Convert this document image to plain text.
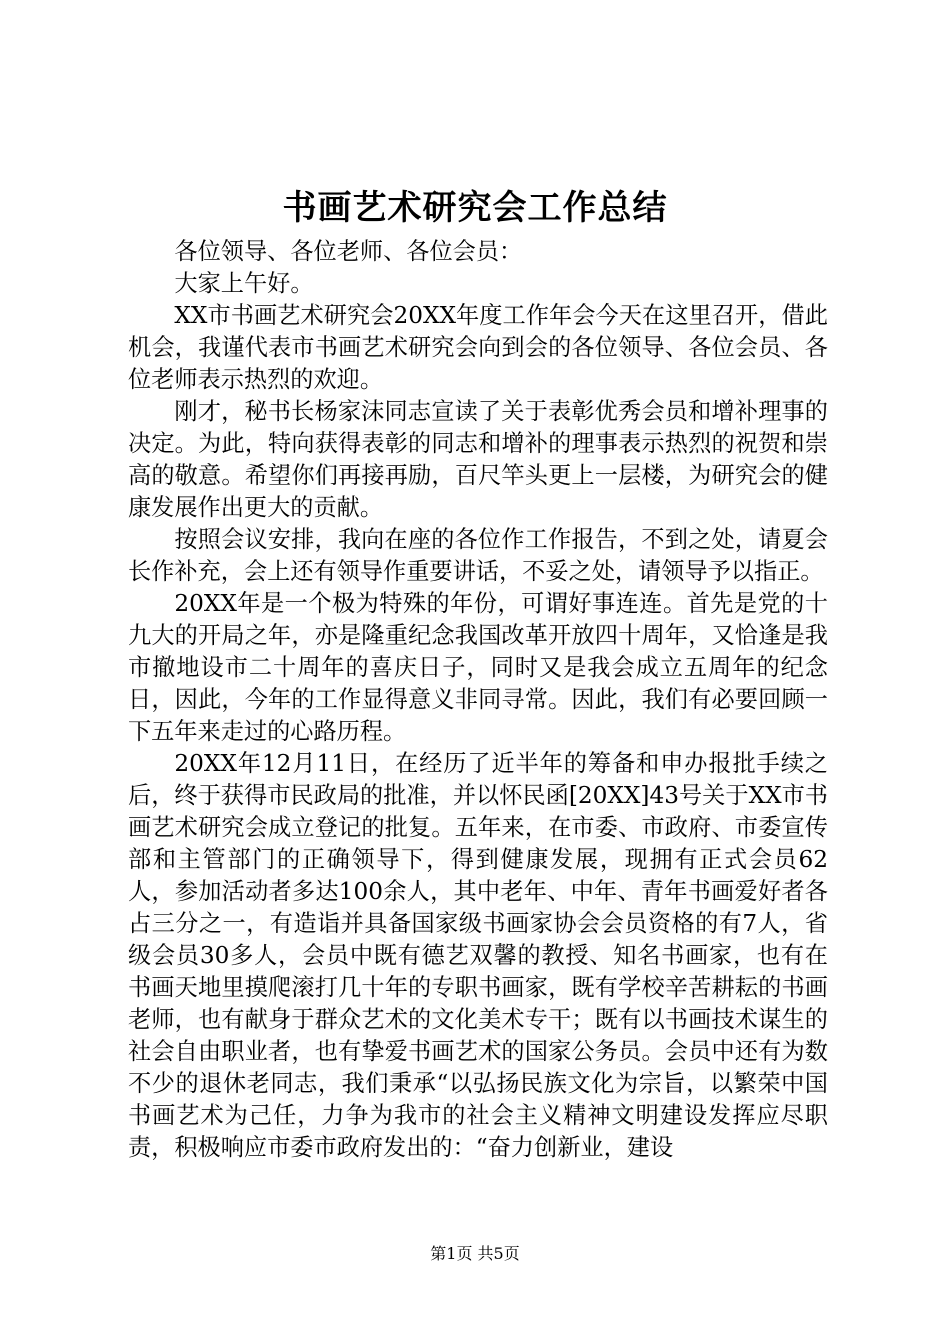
书画艺术研究会工作总结

各位领导、各位老师、各位会员：

大家上午好。

XX市书画艺术研究会20XX年度工作年会今天在这里召开，借此机会，我谨代表市书画艺术研究会向到会的各位领导、各位会员、各位老师表示热烈的欢迎。

刚才，秘书长杨家沫同志宣读了关于表彰优秀会员和增补理事的决定。为此，特向获得表彰的同志和增补的理事表示热烈的祝贺和崇高的敬意。希望你们再接再励，百尺竿头更上一层楼，为研究会的健康发展作出更大的贡献。

按照会议安排，我向在座的各位作工作报告，不到之处，请夏会长作补充，会上还有领导作重要讲话，不妥之处，请领导予以指正。

20XX年是一个极为特殊的年份，可谓好事连连。首先是党的十九大的开局之年，亦是隆重纪念我国改革开放四十周年，又恰逢是我市撤地设市二十周年的喜庆日子，同时又是我会成立五周年的纪念日，因此，今年的工作显得意义非同寻常。因此，我们有必要回顾一下五年来走过的心路历程。

20XX年12月11日，在经历了近半年的筹备和申办报批手续之后，终于获得市民政局的批准，并以怀民函[20XX]43号关于XX市书画艺术研究会成立登记的批复。五年来，在市委、市政府、市委宣传部和主管部门的正确领导下，得到健康发展，现拥有正式会员62人，参加活动者多达100余人，其中老年、中年、青年书画爱好者各占三分之一，有造诣并具备国家级书画家协会会员资格的有7人，省级会员30多人，会员中既有德艺双馨的教授、知名书画家，也有在书画天地里摸爬滚打几十年的专职书画家，既有学校辛苦耕耘的书画老师，也有献身于群众艺术的文化美术专干；既有以书画技术谋生的社会自由职业者，也有挚爱书画艺术的国家公务员。会员中还有为数不少的退休老同志，我们秉承“以弘扬民族文化为宗旨，以繁荣中国书画艺术为己任，力争为我市的社会主义精神文明建设发挥应尽职责，积极响应市委市政府发出的：“奋力创新业，建设

第1页 共5页
